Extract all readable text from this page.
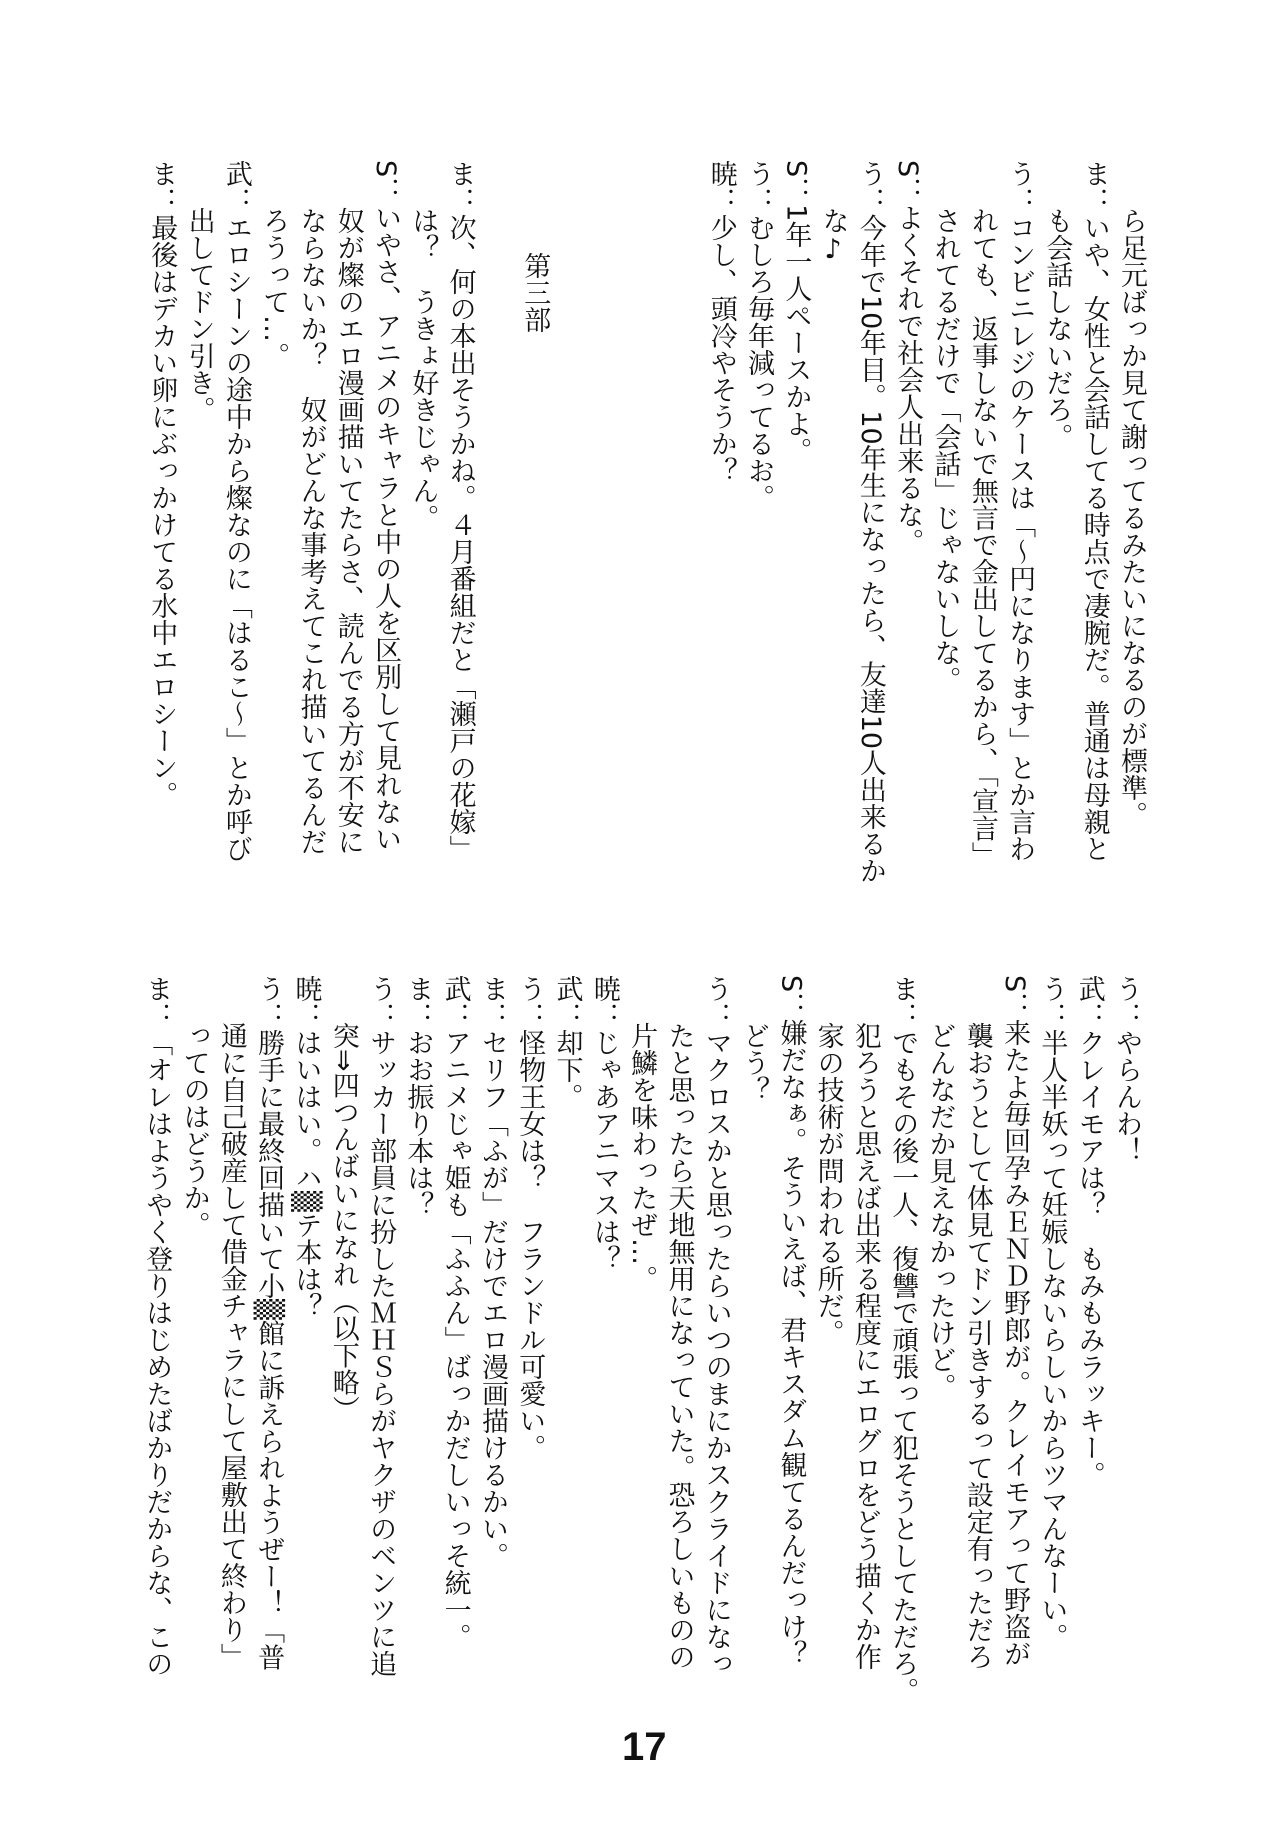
ら足元ばっか見て謝ってるみたいになるのが標準。
ま：いや、女性と会話してる時点で凄腕だ。普通は母親と
も会話しないだろ。
う：コンビニレジのケースは「～円になります」とか言わ
れても、返事しないで無言で金出してるから、「宣言」
されてるだけで「会話」じゃないしな。
S：よくそれで社会人出来るな。
う：今年で10年目。10年生になったら、友達10人出来るか
な♪
S：1年一人ペースかよ。
う：むしろ毎年減ってるお。
暁：少し、頭冷やそうか？

第三部

ま：次、何の本出そうかね。４月番組だと「瀬戸の花嫁」
は？　うきょ好きじゃん。
S：いやさ、アニメのキャラと中の人を区別して見れない
奴が燦のエロ漫画描いてたらさ、読んでる方が不安に
ならないか？　奴がどんな事考えてこれ描いてるんだ
ろうって…。
武：エロシーンの途中から燦なのに「はるこ～」とか呼び
出してドン引き。
ま：最後はデカい卵にぶっかけてる水中エロシーン。
う：やらんわ！
武：クレイモアは？　もみもみラッキー。
う：半人半妖って妊娠しないらしいからツマんなーい。
S：来たよ毎回孕みＥＮＤ野郎が。クレイモアって野盗が
襲おうとして体見てドン引きするって設定有っただろ
どんなだか見えなかったけど。
ま：でもその後一人、復讐で頑張って犯そうとしてただろ。
犯ろうと思えば出来る程度にエログロをどう描くか作
家の技術が問われる所だ。
S：嫌だなぁ。そういえば、君キスダム観てるんだっけ？
どう？
う：マクロスかと思ったらいつのまにかスクライドになっ
たと思ったら天地無用になっていた。恐ろしいものの
片鱗を味わったぜ…。
暁：じゃあアニマスは？
武：却下。
う：怪物王女は？　フランドル可愛い。
ま：セリフ「ふが」だけでエロ漫画描けるかい。
武：アニメじゃ姫も「ふふん」ばっかだしいっそ統一。
ま：おお振り本は？
う：サッカー部員に扮したＭＨＳらがヤクザのベンツに追
突⇒四つんばいになれ（以下略）
暁：はいはい。ハ▒テ本は？
う：勝手に最終回描いて小▒館に訴えられようぜー！「普
通に自己破産して借金チャラにして屋敷出て終わり」
ってのはどうか。
ま：「オレはようやく登りはじめたばかりだからな、この
17
